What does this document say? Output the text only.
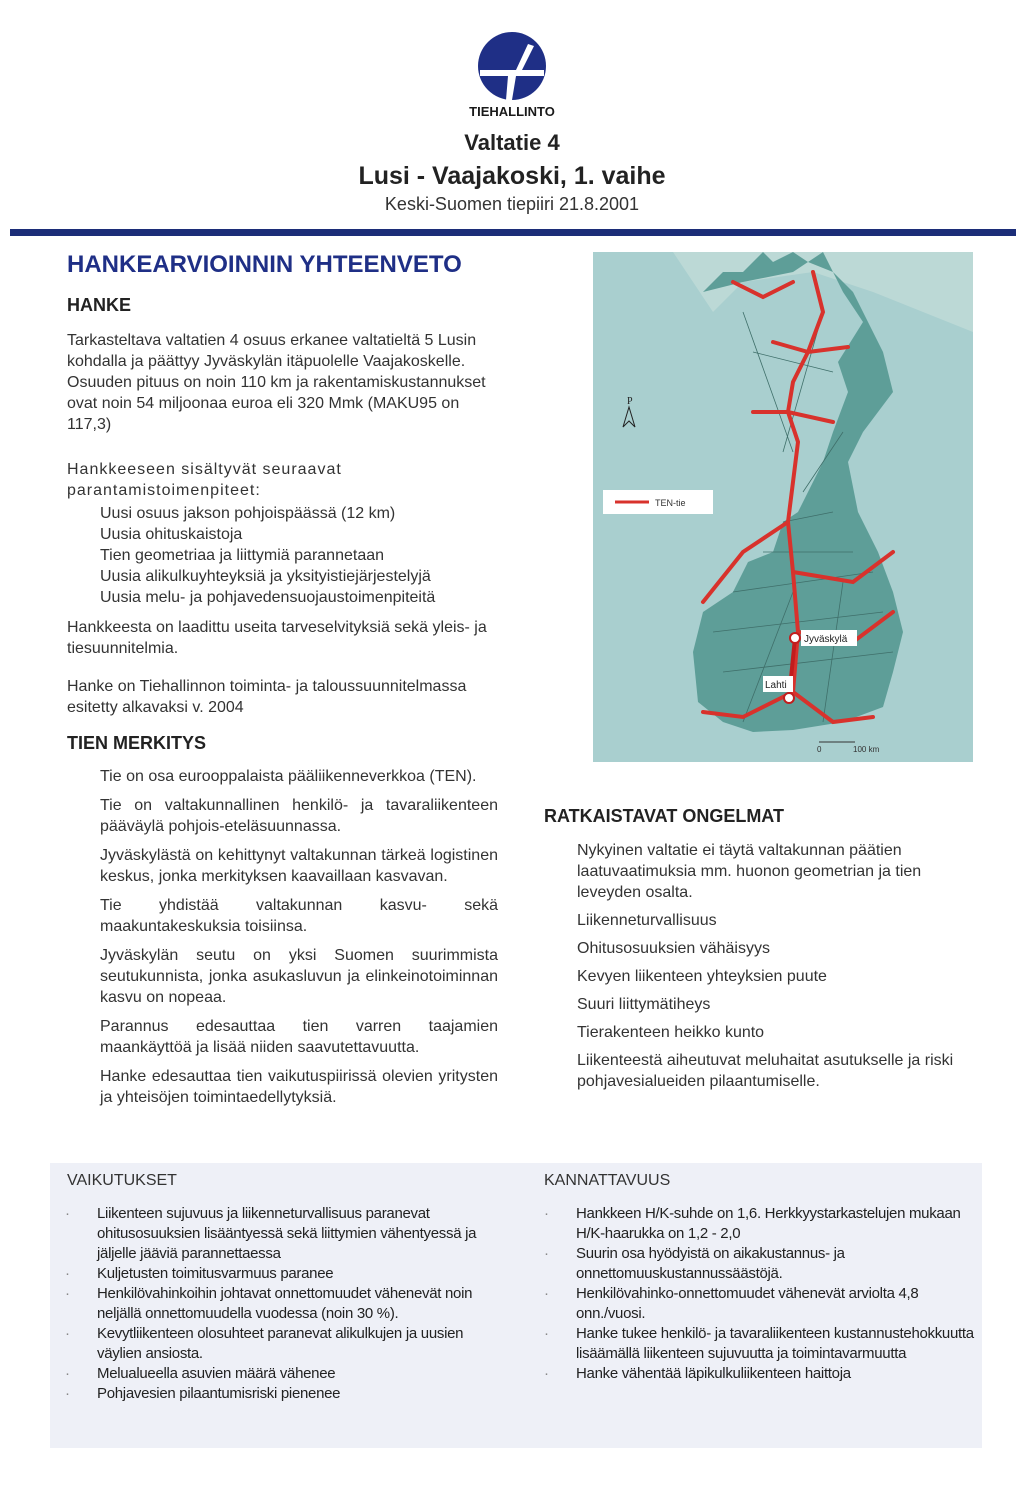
TIEHALLINTO
Valtatie 4
Lusi - Vaajakoski, 1. vaihe
Keski-Suomen tiepiiri 21.8.2001
HANKEARVIOINNIN YHTEENVETO
HANKE
Tarkasteltava valtatien 4 osuus erkanee valtatieltä 5 Lusin kohdalla ja päättyy Jyväskylän itäpuolelle Vaajakoskelle. Osuuden pituus on noin 110 km ja rakentamiskustannukset ovat noin 54 miljoonaa euroa eli 320 Mmk (MAKU95 on 117,3)
Hankkeeseen sisältyvät seuraavat parantamistoimenpiteet:
Uusi osuus jakson pohjoispäässä (12 km)
Uusia ohituskaistoja
Tien geometriaa ja liittymiä parannetaan
Uusia alikulkuyhteyksiä ja yksityistiejärjestelyjä
Uusia melu- ja pohjavedensuojaustoimenpiteitä
Hankkeesta on laadittu useita tarveselvityksiä sekä yleis- ja tiesuunnitelmia.
Hanke on Tiehallinnon toiminta- ja taloussuunnitelmassa esitetty alkavaksi v. 2004
TIEN MERKITYS
Tie on osa eurooppalaista pääliikenneverkkoa (TEN).
Tie on valtakunnallinen henkilö- ja tavaraliikenteen pääväylä pohjois-eteläsuunnassa.
Jyväskylästä on kehittynyt valtakunnan tärkeä logistinen keskus, jonka merkityksen kaavaillaan kasvavan.
Tie yhdistää valtakunnan kasvu- sekä maakuntakeskuksia toisiinsa.
Jyväskylän seutu on yksi Suomen suurimmista seutukunnista, jonka asukasluvun ja elinkeinotoiminnan kasvu on nopeaa.
Parannus edesauttaa tien varren taajamien maankäyttöä ja lisää niiden saavutettavuutta.
Hanke edesauttaa tien vaikutuspiirissä olevien yritysten ja yhteisöjen toimintaedellytyksiä.
TEN-tie
P
Jyväskylä
Lahti
0	100 km
RATKAISTAVAT ONGELMAT
Nykyinen valtatie ei täytä valtakunnan päätien laatuvaatimuksia mm. huonon geometrian ja tien leveyden osalta.
Liikenneturvallisuus
Ohitusosuuksien vähäisyys
Kevyen liikenteen yhteyksien puute
Suuri liittymätiheys
Tierakenteen heikko kunto
Liikenteestä aiheutuvat meluhaitat asutukselle ja riski pohjavesialueiden pilaantumiselle.
VAIKUTUKSET
· Liikenteen sujuvuus ja liikenneturvallisuus paranevat ohitusosuuksien lisääntyessä sekä liittymien vähentyessä ja jäljelle jääviä parannettaessa
· Kuljetusten toimitusvarmuus paranee
· Henkilövahinkoihin johtavat onnettomuudet vähenevät noin neljällä onnettomuudella vuodessa (noin 30 %).
· Kevytliikenteen olosuhteet paranevat alikulkujen ja uusien väylien ansiosta.
· Melualueella asuvien määrä vähenee
· Pohjavesien pilaantumisriski pienenee
KANNATTAVUUS
· Hankkeen H/K-suhde on 1,6. Herkkyystarkastelujen mukaan H/K-haarukka on 1,2 - 2,0
· Suurin osa hyödyistä on aikakustannus- ja onnettomuuskustannussäästöjä.
· Henkilövahinko-onnettomuudet vähenevät arviolta 4,8 onn./vuosi.
· Hanke tukee henkilö- ja tavaraliikenteen kustannustehokkuutta lisäämällä liikenteen sujuvuutta ja toimintavarmuutta
· Hanke vähentää läpikulkuliikenteen haittoja
